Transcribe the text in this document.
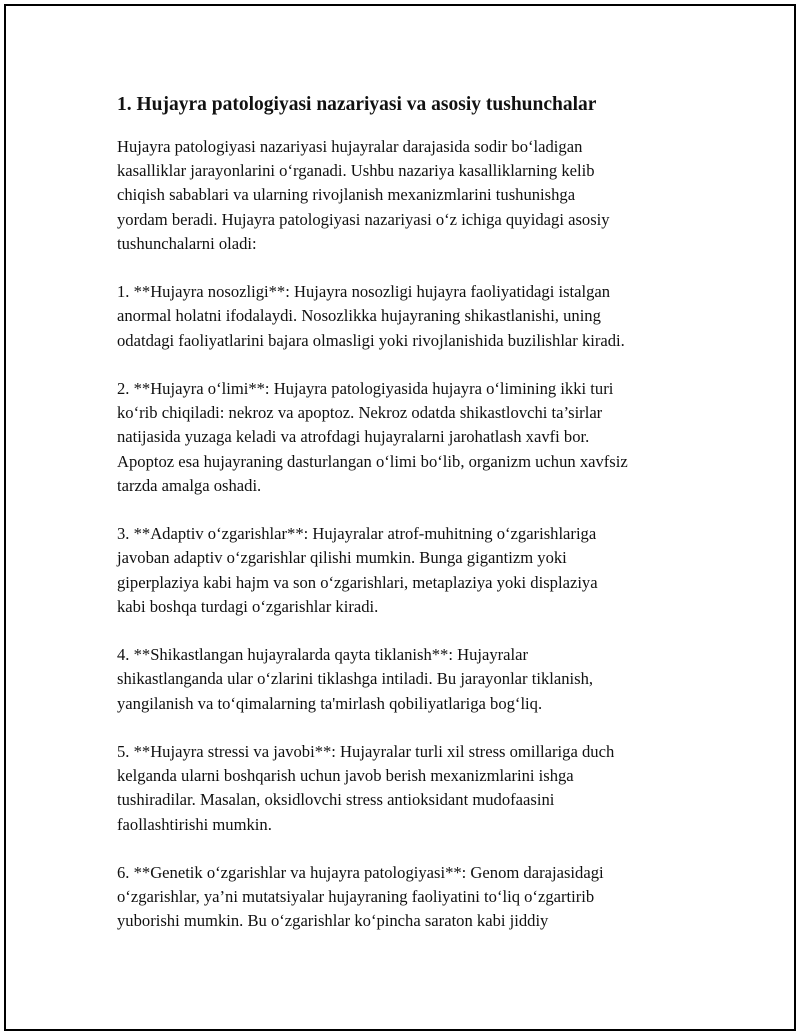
1. Hujayra patologiyasi nazariyasi va asosiy tushunchalar
Hujayra patologiyasi nazariyasi hujayralar darajasida sodir bo‘ladigan
kasalliklar jarayonlarini o‘rganadi. Ushbu nazariya kasalliklarning kelib
chiqish sabablari va ularning rivojlanish mexanizmlarini tushunishga
yordam beradi. Hujayra patologiyasi nazariyasi o‘z ichiga quyidagi asosiy
tushunchalarni oladi:
1. **Hujayra nosozligi**: Hujayra nosozligi hujayra faoliyatidagi istalgan
anormal holatni ifodalaydi. Nosozlikka hujayraning shikastlanishi, uning
odatdagi faoliyatlarini bajara olmasligi yoki rivojlanishida buzilishlar kiradi.
2. **Hujayra o‘limi**: Hujayra patologiyasida hujayra o‘limining ikki turi
ko‘rib chiqiladi: nekroz va apoptoz. Nekroz odatda shikastlovchi ta’sirlar
natijasida yuzaga keladi va atrofdagi hujayralarni jarohatlash xavfi bor.
Apoptoz esa hujayraning dasturlangan o‘limi bo‘lib, organizm uchun xavfsiz
tarzda amalga oshadi.
3. **Adaptiv o‘zgarishlar**: Hujayralar atrof-muhitning o‘zgarishlariga
javoban adaptiv o‘zgarishlar qilishi mumkin. Bunga gigantizm yoki
giperplaziya kabi hajm va son o‘zgarishlari, metaplaziya yoki displaziya
kabi boshqa turdagi o‘zgarishlar kiradi.
4. **Shikastlangan hujayralarda qayta tiklanish**: Hujayralar
shikastlanganda ular o‘zlarini tiklashga intiladi. Bu jarayonlar tiklanish,
yangilanish va to‘qimalarning ta'mirlash qobiliyatlariga bog‘liq.
5. **Hujayra stressi va javobi**: Hujayralar turli xil stress omillariga duch
kelganda ularni boshqarish uchun javob berish mexanizmlarini ishga
tushiradilar. Masalan, oksidlovchi stress antioksidant mudofaasini
faollashtirishi mumkin.
6. **Genetik o‘zgarishlar va hujayra patologiyasi**: Genom darajasidagi
o‘zgarishlar, ya’ni mutatsiyalar hujayraning faoliyatini to‘liq o‘zgartirib
yuborishi mumkin. Bu o‘zgarishlar ko‘pincha saraton kabi jiddiy
